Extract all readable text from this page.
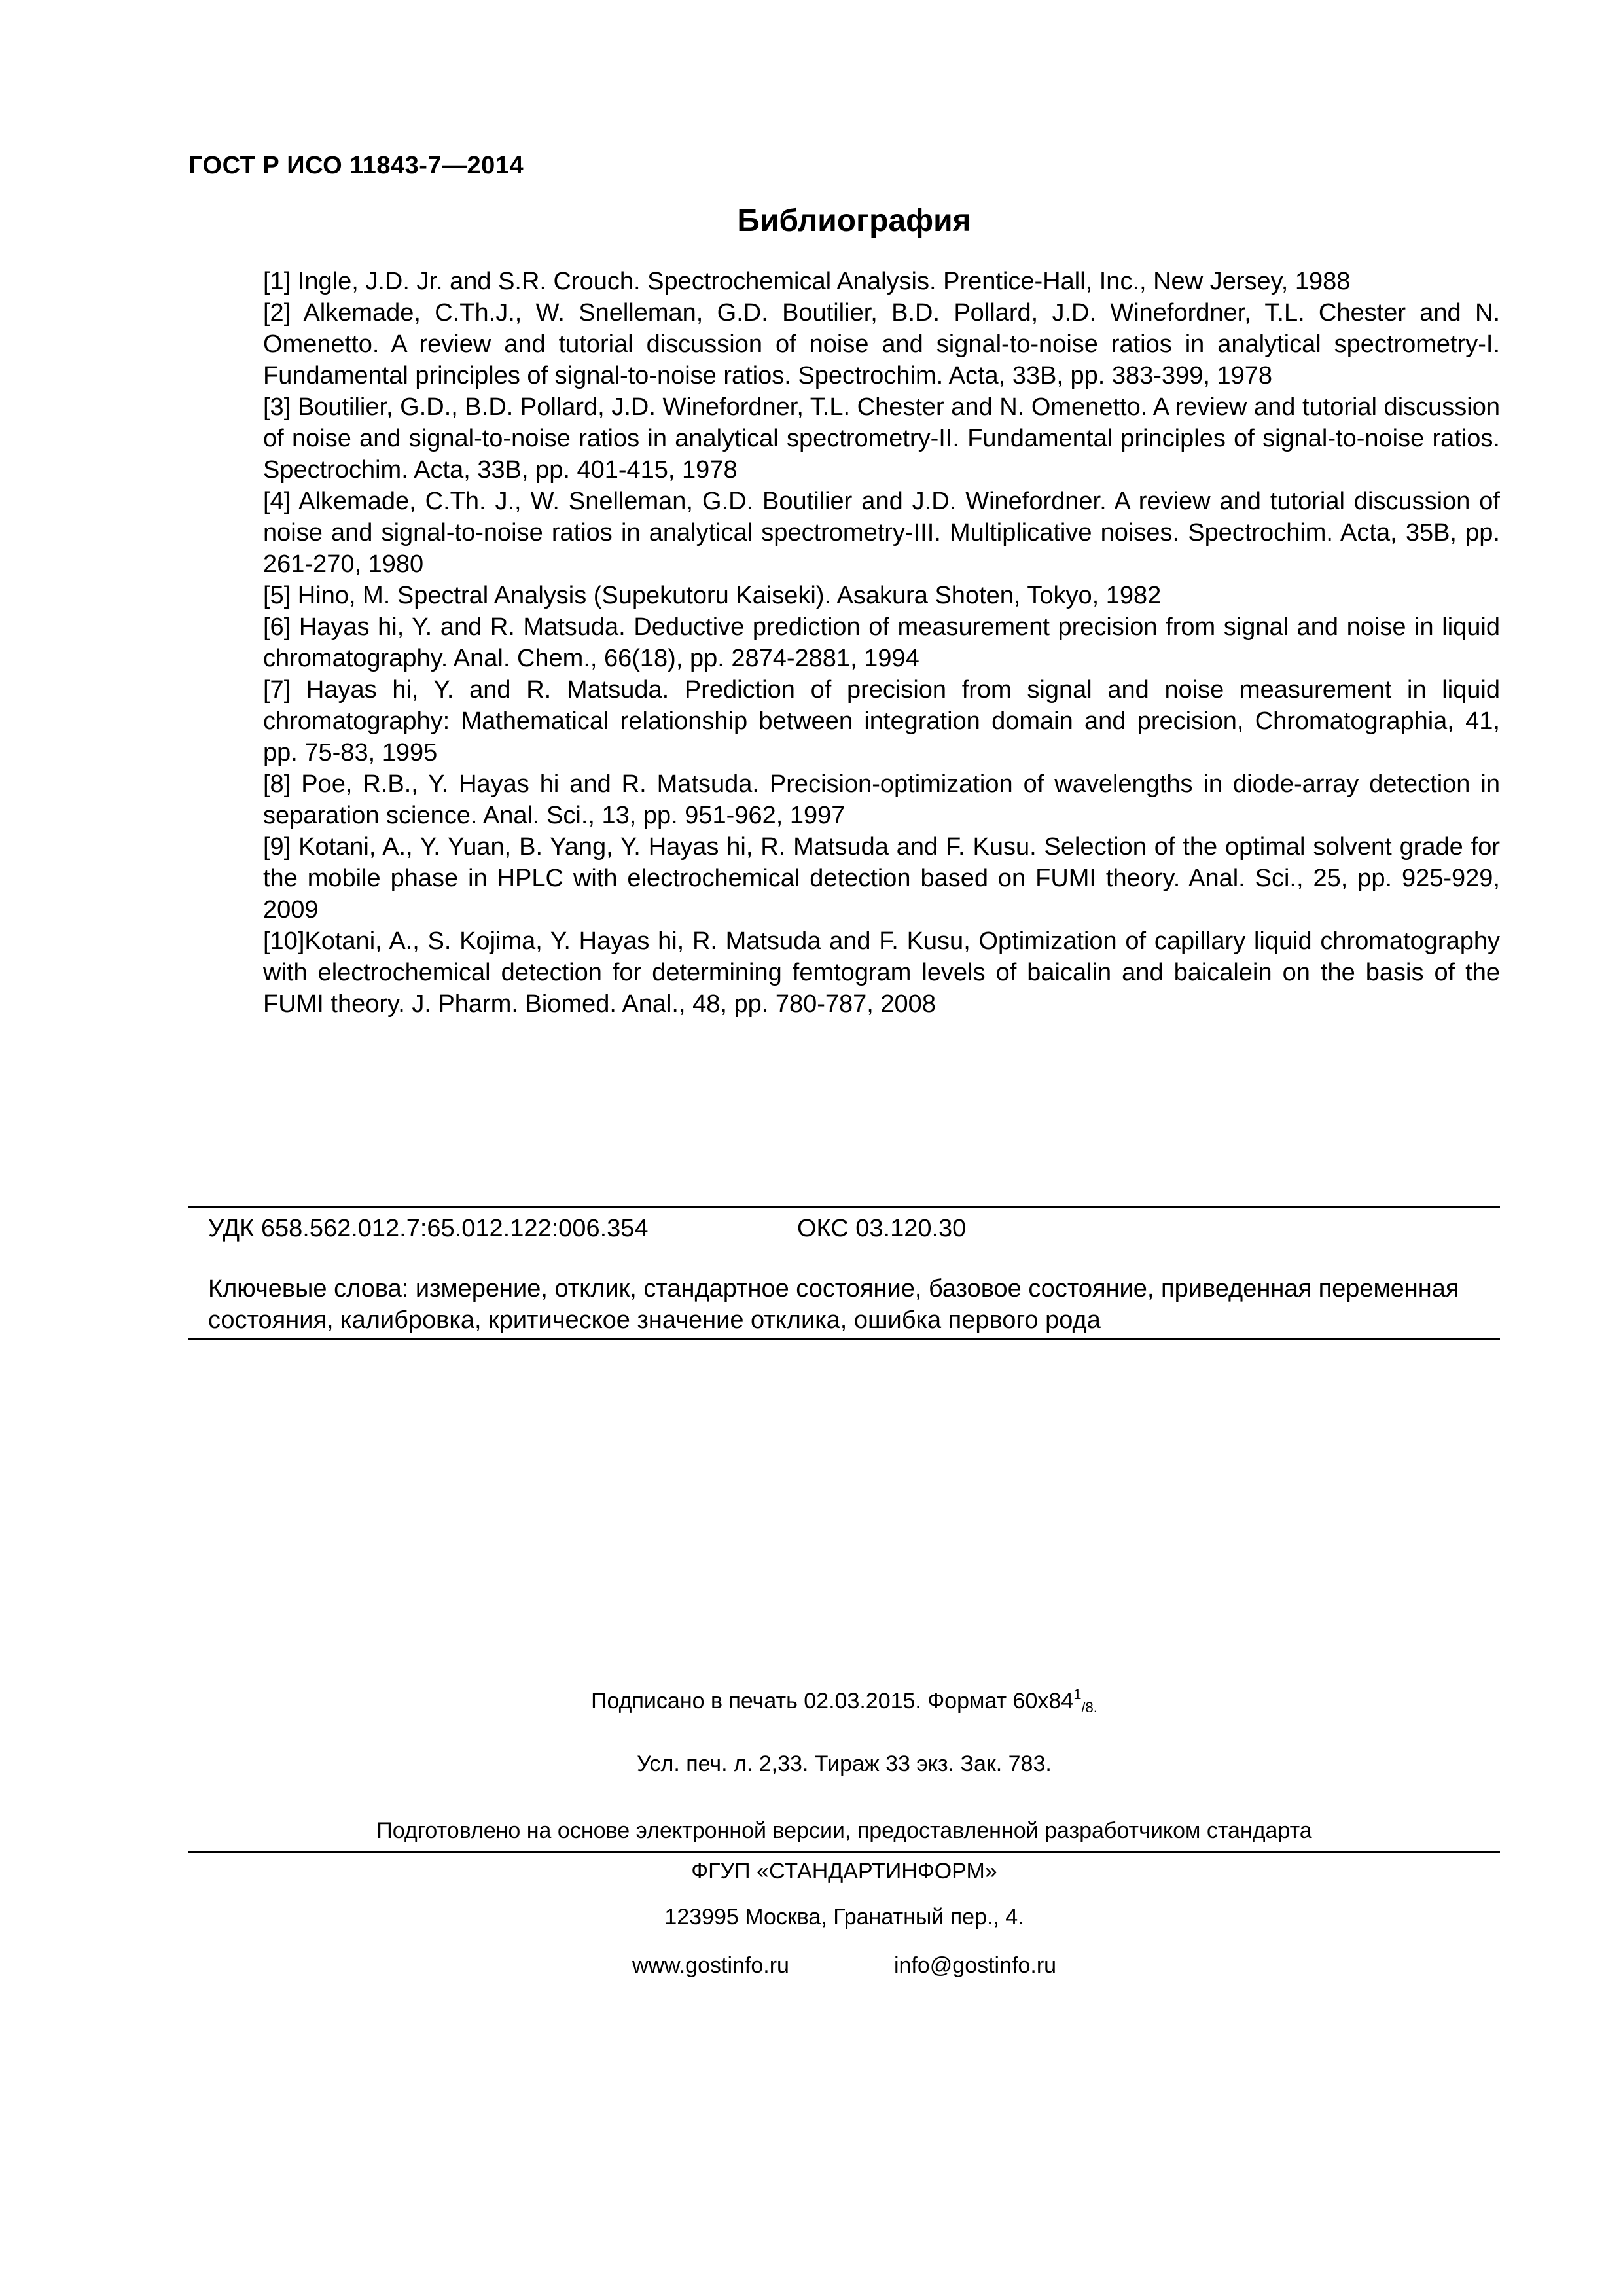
ГОСТ Р ИСО 11843-7—2014
Библиография
[1] Ingle, J.D. Jr. and S.R. Crouch. Spectrochemical Analysis. Prentice-Hall, Inc., New Jersey, 1988
[2] Alkemade, C.Th.J., W. Snelleman, G.D. Boutilier, B.D. Pollard, J.D. Winefordner, T.L. Chester and N. Omenetto. A review and tutorial discussion of noise and signal-to-noise ratios in analytical spectrometry-I. Fundamental principles of signal-to-noise ratios. Spectrochim. Acta, 33B, pp. 383-399, 1978
[3] Boutilier, G.D., B.D. Pollard, J.D. Winefordner, T.L. Chester and N. Omenetto. A review and tutorial discussion of noise and signal-to-noise ratios in analytical spectrometry-II. Fundamental principles of signal-to-noise ratios. Spectrochim. Acta, 33B, pp. 401-415, 1978
[4] Alkemade, C.Th. J., W. Snelleman, G.D. Boutilier and J.D. Winefordner. A review and tutorial discussion of noise and signal-to-noise ratios in analytical spectrometry-III. Multiplicative noises. Spectrochim. Acta, 35B, pp. 261-270, 1980
[5] Hino, M. Spectral Analysis (Supekutoru Kaiseki). Asakura Shoten, Tokyo, 1982
[6] Hayas hi, Y. and R. Matsuda. Deductive prediction of measurement precision from signal and noise in liquid chromatography. Anal. Chem., 66(18), pp. 2874-2881, 1994
[7] Hayas hi, Y. and R. Matsuda. Prediction of precision from signal and noise measurement in liquid chromatography: Mathematical relationship between integration domain and precision, Chromatographia, 41, pp. 75-83, 1995
[8] Poe, R.B., Y. Hayas hi and R. Matsuda. Precision-optimization of wavelengths in diode-array detection in separation science. Anal. Sci., 13, pp. 951-962, 1997
[9] Kotani, A., Y. Yuan, B. Yang, Y. Hayas hi, R. Matsuda and F. Kusu. Selection of the optimal solvent grade for the mobile phase in HPLC with electrochemical detection based on FUMI theory. Anal. Sci., 25, pp. 925-929, 2009
[10]Kotani, A., S. Kojima, Y. Hayas hi, R. Matsuda and F. Kusu, Optimization of capillary liquid chromatography with electrochemical detection for determining femtogram levels of baicalin and baicalein on the basis of the FUMI theory. J. Pharm. Biomed. Anal., 48, pp. 780-787, 2008
УДК 658.562.012.7:65.012.122:006.354	ОКС 03.120.30
Ключевые слова: измерение, отклик, стандартное состояние, базовое состояние, приведенная переменная состояния, калибровка, критическое значение отклика, ошибка первого рода
Подписано в печать 02.03.2015. Формат $60x84^1/8$.
Усл. печ. л. 2,33. Тираж 33 экз. Зак. 783.
Подготовлено на основе электронной версии, предоставленной разработчиком стандарта
ФГУП «СТАНДАРТИНФОРМ»
123995 Москва, Гранатный пер., 4.
www.gostinfo.ru	info@gostinfo.ru
